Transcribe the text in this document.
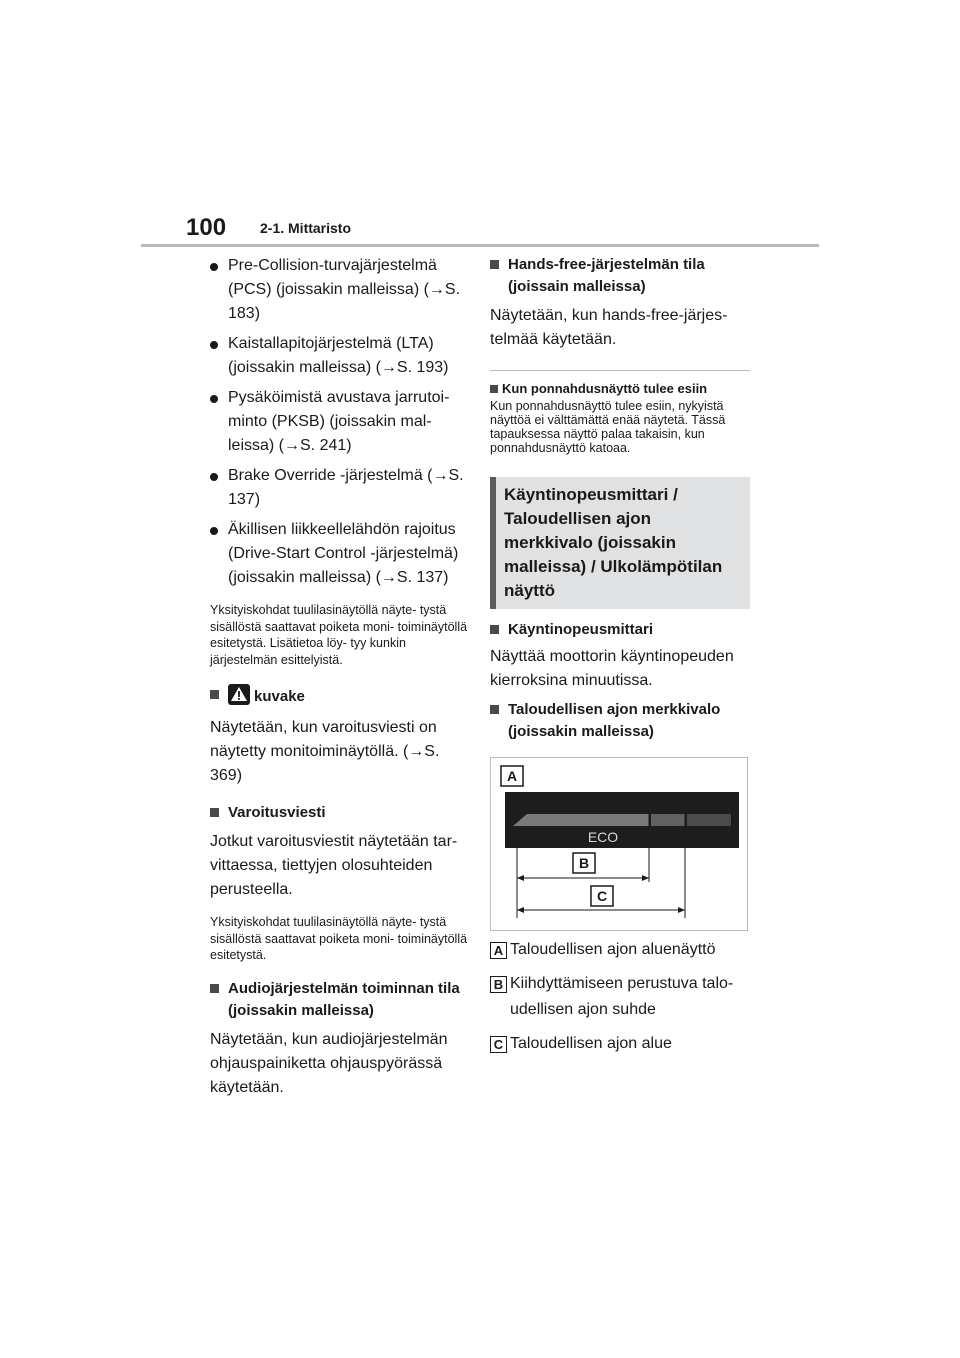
100 2-1. Mittaristo
Pre-Collision-turvajärjestelmä (PCS) (joissakin malleissa) (→S. 183)
Kaistallapitojärjestelmä (LTA) (joissakin malleissa) (→S. 193)
Pysäköimistä avustava jarrutoi- minto (PKSB) (joissakin mal- leissa) (→S. 241)
Brake Override -järjestelmä (→S. 137)
Äkillisen liikkeellelähdön rajoitus (Drive-Start Control -järjestelmä) (joissakin malleissa) (→S. 137)

Yksityiskohdat tuulilasinäytöllä näyte- tystä sisällöstä saattavat poiketa moni- toiminäytöllä esitetystä. Lisätietoa löy- tyy kunkin järjestelmän esittelyistä.

kuvake

Näytetään, kun varoitusviesti on näytetty monitoiminäytöllä. (→S. 369)

Varoitusviesti

Jotkut varoitusviestit näytetään tar- vittaessa, tiettyjen olosuhteiden perusteella.

Yksityiskohdat tuulilasinäytöllä näyte- tystä sisällöstä saattavat poiketa moni- toiminäytöllä esitetystä.

Audiojärjestelmän toiminnan tila (joissakin malleissa)

Näytetään, kun audiojärjestelmän ohjauspainiketta ohjauspyörässä käytetään.

Hands-free-järjestelmän tila (joissain malleissa)

Näytetään, kun hands-free-järjes- telmää käytetään.

Kun ponnahdusnäyttö tulee esiin

Kun ponnahdusnäyttö tulee esiin, nykyistä näyttöä ei välttämättä enää näytetä. Tässä tapauksessa näyttö palaa takaisin, kun ponnahdusnäyttö katoaa.

Käyntinopeusmittari / Taloudellisen ajon merkkivalo (joissakin malleissa) / Ulkolämpötilan näyttö
Käyntinopeusmittari

Näyttää moottorin käyntinopeuden kierroksina minuutissa.

Taloudellisen ajon merkkivalo (joissakin malleissa)
A
ECO
B
C
A Taloudellisen ajon aluenäyttö
B Kiihdyttämiseen perustuva talo- udellisen ajon suhde
C Taloudellisen ajon alue
